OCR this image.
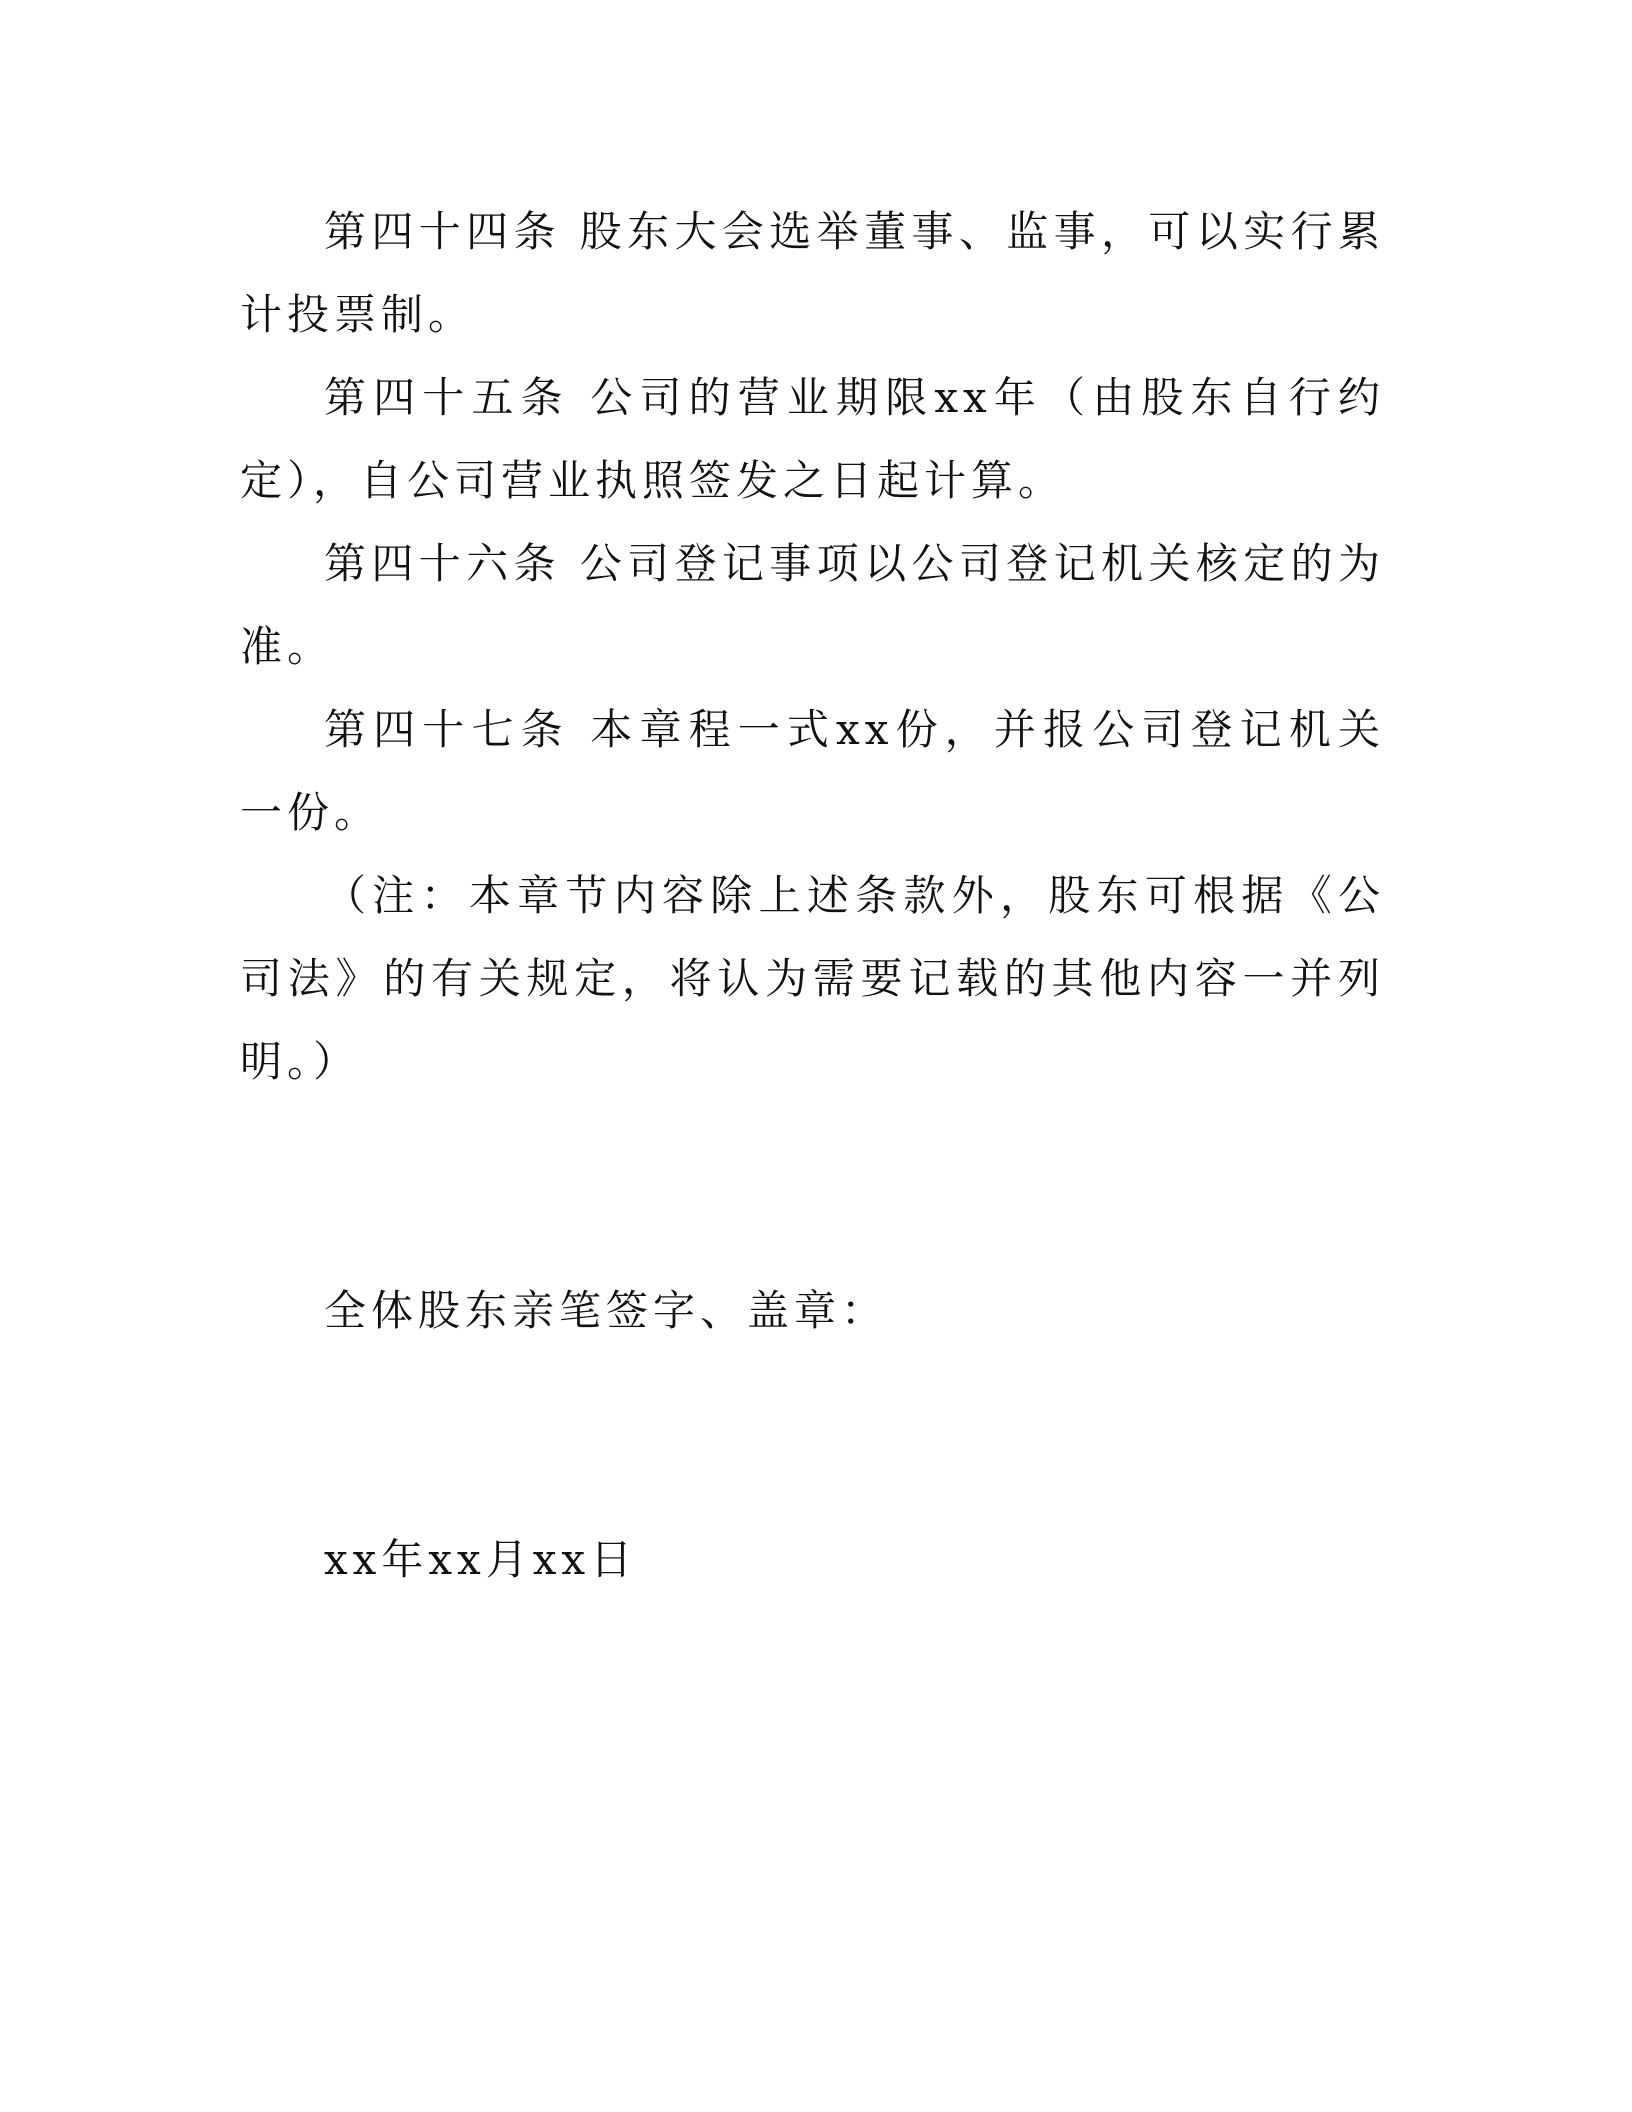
第四十四条 股东大会选举董事、监事，可以实行累计投票制。

第四十五条 公司的营业期限xx年（由股东自行约定），自公司营业执照签发之日起计算。

第四十六条 公司登记事项以公司登记机关核定的为准。

第四十七条 本章程一式xx份，并报公司登记机关一份。

（注：本章节内容除上述条款外，股东可根据《公司法》的有关规定，将认为需要记载的其他内容一并列明。）

全体股东亲笔签字、盖章：

xx年xx月xx日
